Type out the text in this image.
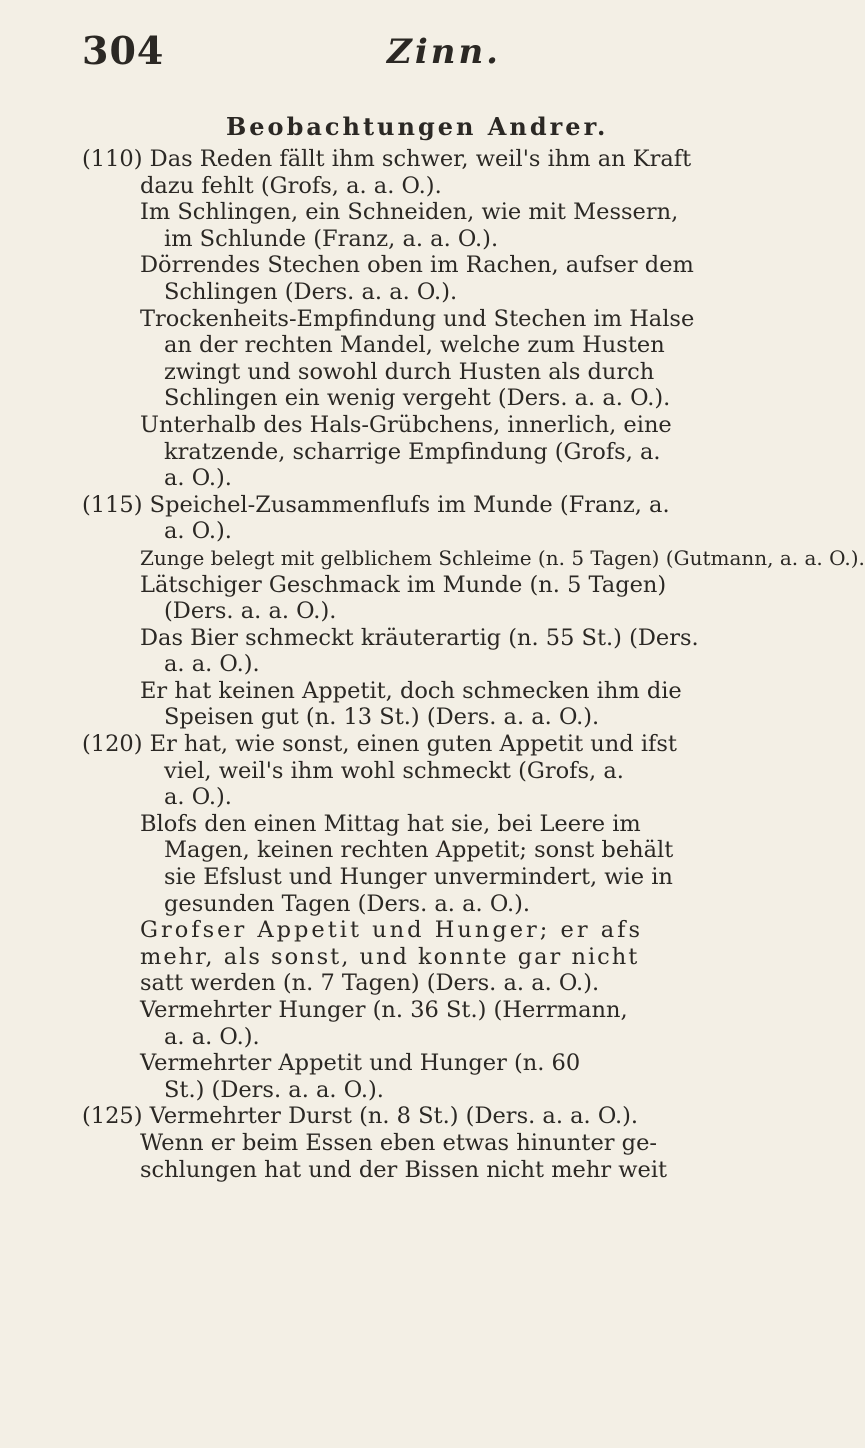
304	Zinn.
Beobachtungen Andrer.
(110) Das Reden fällt ihm schwer, weil's ihm an Kraft
dazu fehlt (Grofs, a. a. O.).
Im Schlingen, ein Schneiden, wie mit Messern,
im Schlunde (Franz, a. a. O.).
Dörrendes Stechen oben im Rachen, aufser dem
Schlingen (Ders. a. a. O.).
Trockenheits-Empfindung und Stechen im Halse
an der rechten Mandel, welche zum Husten
zwingt und sowohl durch Husten als durch
Schlingen ein wenig vergeht (Ders. a. a. O.).
Unterhalb des Hals-Grübchens, innerlich, eine
kratzende, scharrige Empfindung (Grofs, a.
a. O.).
(115) Speichel-Zusammenflufs im Munde (Franz, a.
a. O.).
Zunge belegt mit gelblichem Schleime (n. 5 Tagen) (Gutmann, a. a. O.).
Lätschiger Geschmack im Munde (n. 5 Tagen)
(Ders. a. a. O.).
Das Bier schmeckt kräuterartig (n. 55 St.) (Ders.
a. a. O.).
Er hat keinen Appetit, doch schmecken ihm die
Speisen gut (n. 13 St.) (Ders. a. a. O.).
(120) Er hat, wie sonst, einen guten Appetit und ifst
viel, weil's ihm wohl schmeckt (Grofs, a.
a. O.).
Blofs den einen Mittag hat sie, bei Leere im
Magen, keinen rechten Appetit; sonst behält
sie Efslust und Hunger unvermindert, wie in
gesunden Tagen (Ders. a. a. O.).
Grofser Appetit und Hunger; er afs
mehr, als sonst, und konnte gar nicht
satt werden (n. 7 Tagen) (Ders. a. a. O.).
Vermehrter Hunger (n. 36 St.) (Herrmann,
a. a. O.).
Vermehrter Appetit und Hunger (n. 60
St.) (Ders. a. a. O.).
(125) Vermehrter Durst (n. 8 St.) (Ders. a. a. O.).
Wenn er beim Essen eben etwas hinunter ge-
schlungen hat und der Bissen nicht mehr weit
